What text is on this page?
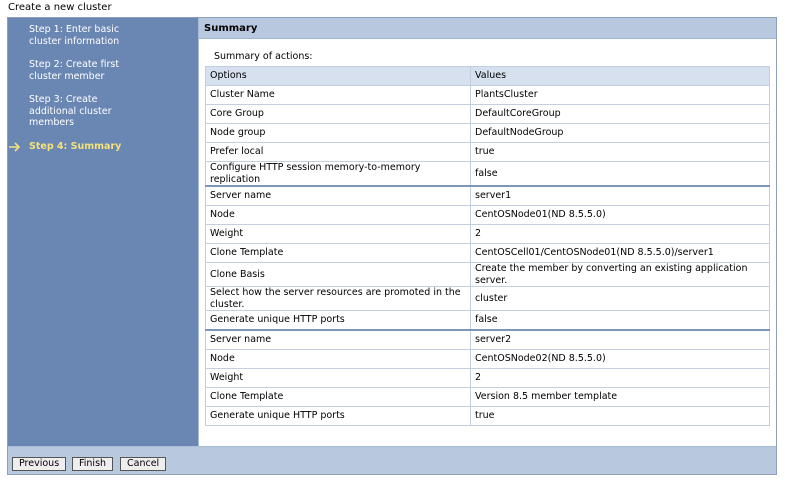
Create a new cluster
Step 1: Enter basic cluster information
Step 2: Create first cluster member
Step 3: Create additional cluster members
Step 4: Summary
Summary
Summary of actions:
Options	Values
Cluster Name	PlantsCluster
Core Group	DefaultCoreGroup
Node group	DefaultNodeGroup
Prefer local	true
Configure HTTP session memory-to-memory replication	false
Server name	server1
Node	CentOSNode01(ND 8.5.5.0)
Weight	2
Clone Template	CentOSCell01/CentOSNode01(ND 8.5.5.0)/server1
Clone Basis	Create the member by converting an existing application server.
Select how the server resources are promoted in the cluster.	cluster
Generate unique HTTP ports	false
Server name	server2
Node	CentOSNode02(ND 8.5.5.0)
Weight	2
Clone Template	Version 8.5 member template
Generate unique HTTP ports	true
Previous	Finish	Cancel
